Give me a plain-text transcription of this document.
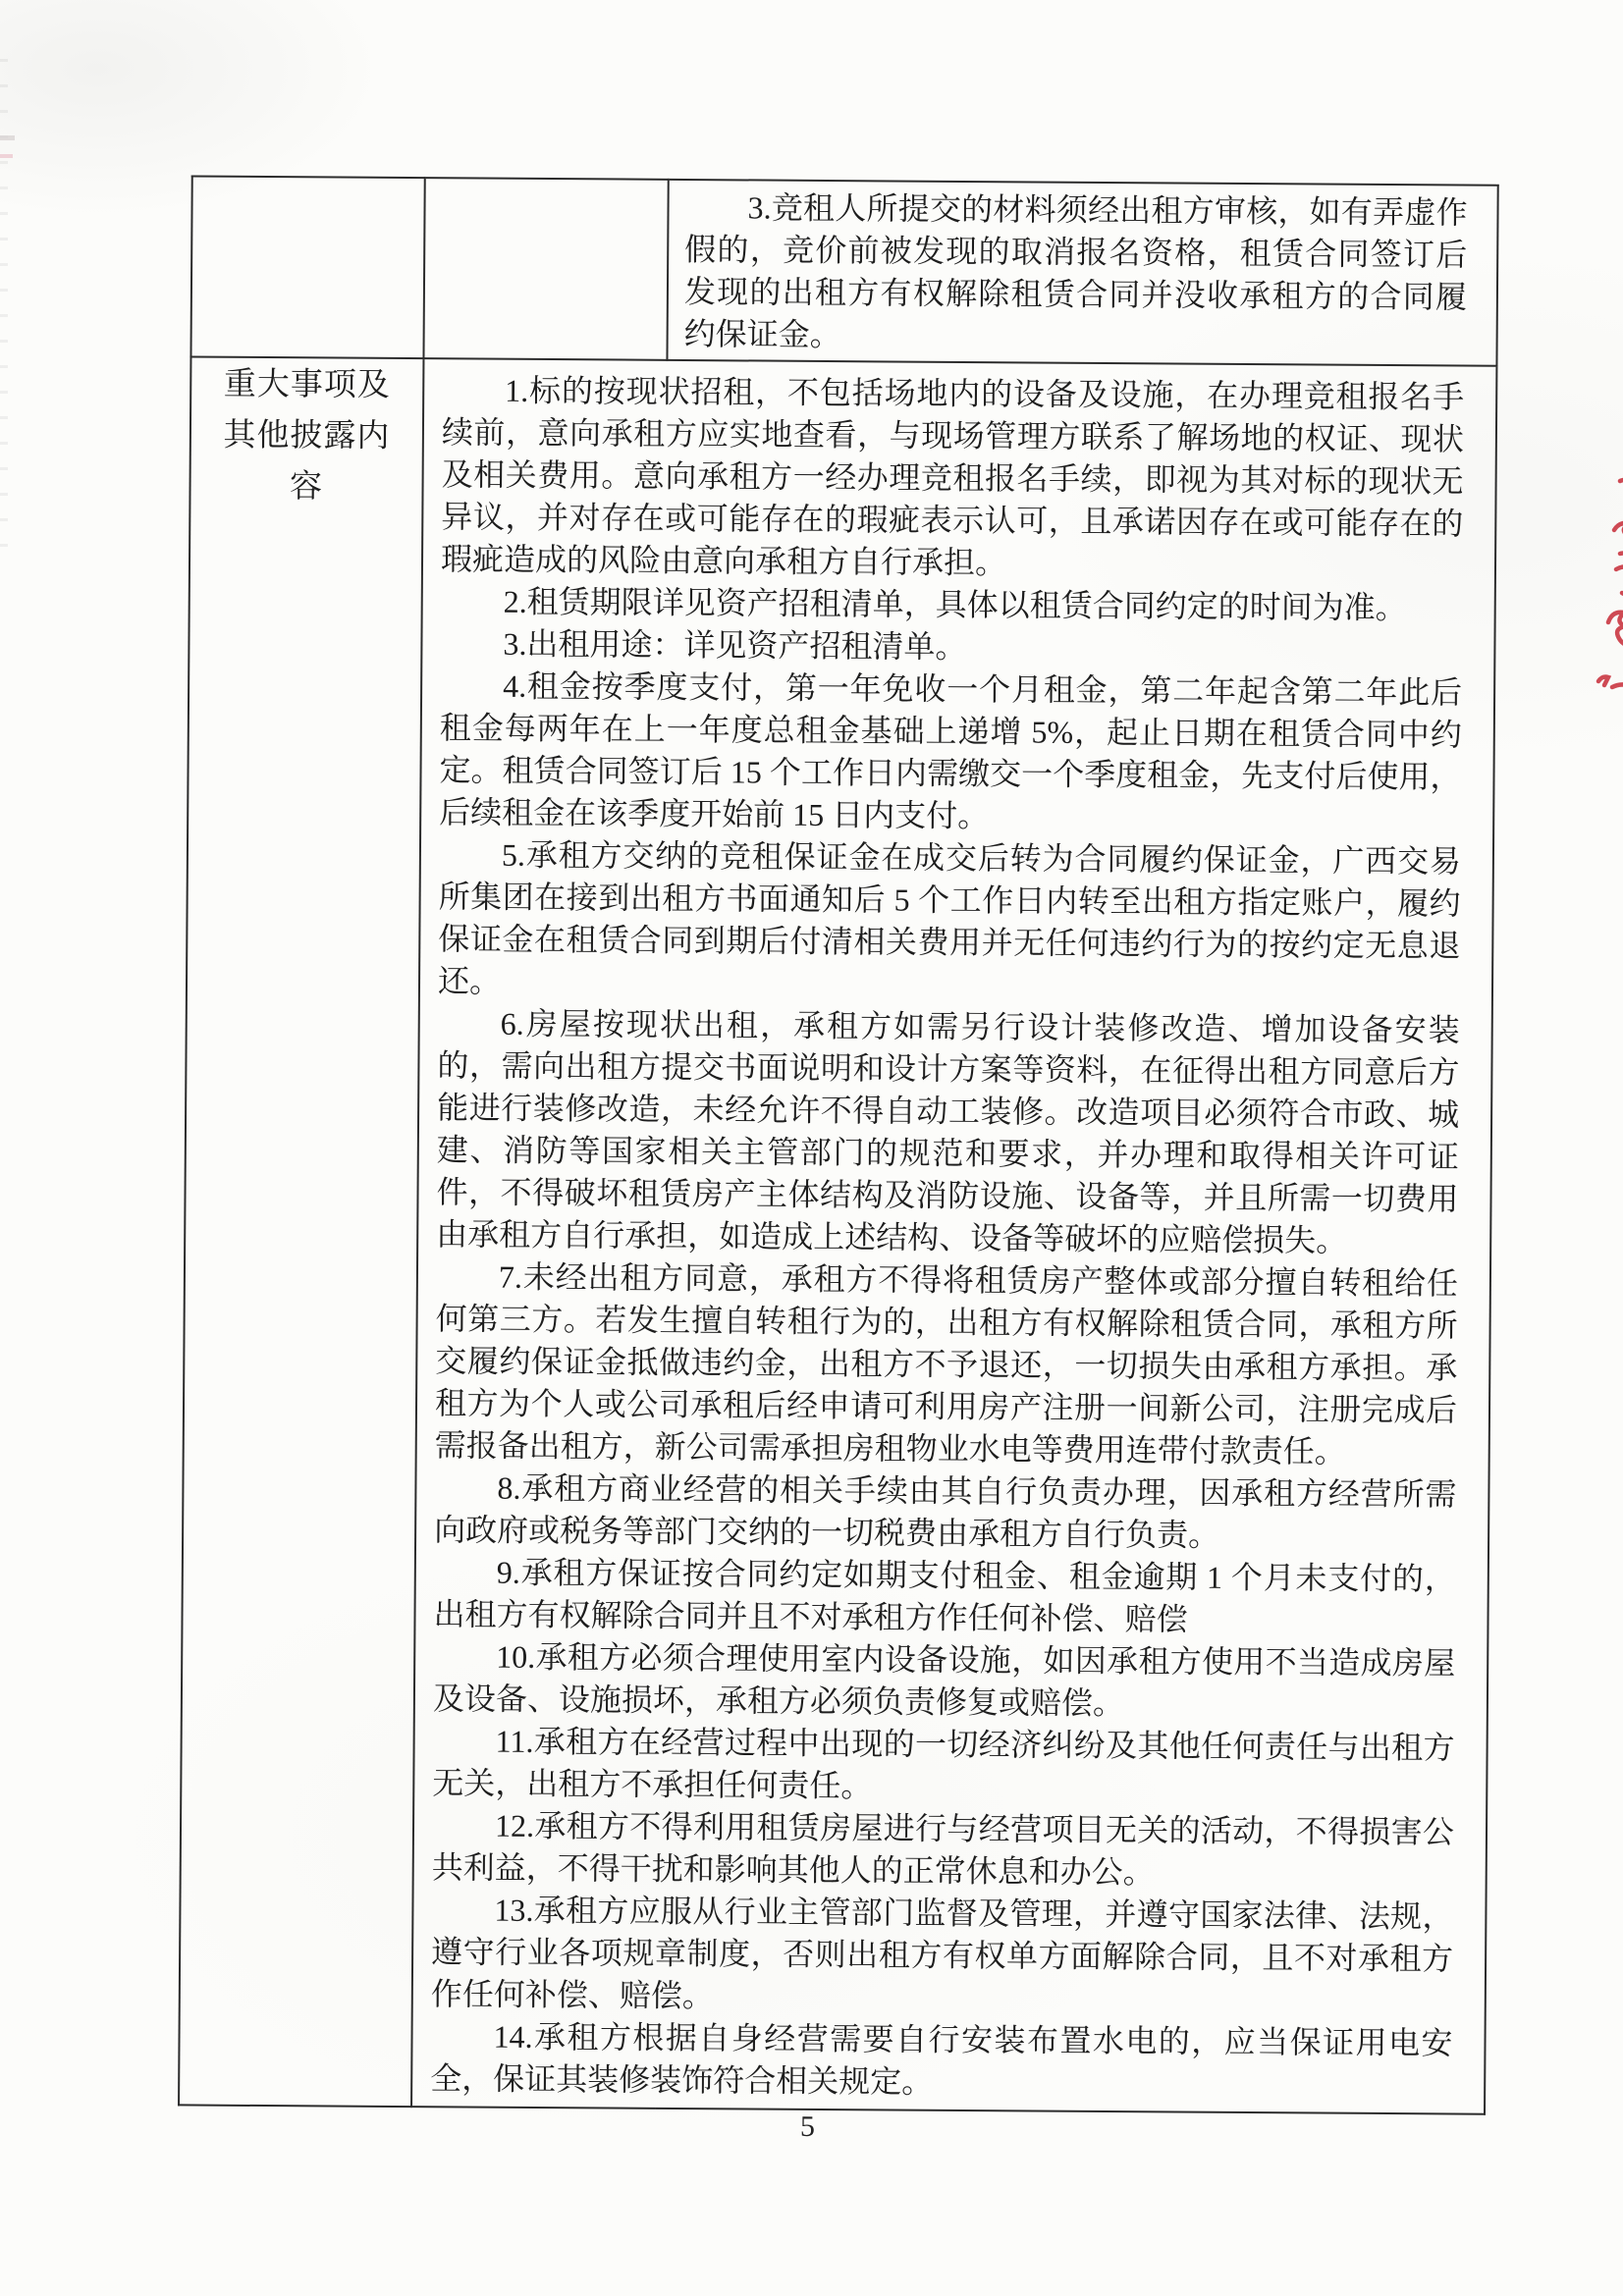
		3.竞租人所提交的材料须经出租方审核，如有弄虚作假的，竞价前被发现的取消报名资格，租赁合同签订后发现的出租方有权解除租赁合同并没收承租方的合同履约保证金。

重大事项及其他披露内容

1.标的按现状招租，不包括场地内的设备及设施，在办理竞租报名手续前，意向承租方应实地查看，与现场管理方联系了解场地的权证、现状及相关费用。意向承租方一经办理竞租报名手续，即视为其对标的现状无异议，并对存在或可能存在的瑕疵表示认可，且承诺因存在或可能存在的瑕疵造成的风险由意向承租方自行承担。

2.租赁期限详见资产招租清单，具体以租赁合同约定的时间为准。

3.出租用途：详见资产招租清单。

4.租金按季度支付，第一年免收一个月租金，第二年起含第二年此后租金每两年在上一年度总租金基础上递增 5%，起止日期在租赁合同中约定。租赁合同签订后 15 个工作日内需缴交一个季度租金，先支付后使用，后续租金在该季度开始前 15 日内支付。

5.承租方交纳的竞租保证金在成交后转为合同履约保证金，广西交易所集团在接到出租方书面通知后 5 个工作日内转至出租方指定账户，履约保证金在租赁合同到期后付清相关费用并无任何违约行为的按约定无息退还。

6.房屋按现状出租，承租方如需另行设计装修改造、增加设备安装的，需向出租方提交书面说明和设计方案等资料，在征得出租方同意后方能进行装修改造，未经允许不得自动工装修。改造项目必须符合市政、城建、消防等国家相关主管部门的规范和要求，并办理和取得相关许可证件，不得破坏租赁房产主体结构及消防设施、设备等，并且所需一切费用由承租方自行承担，如造成上述结构、设备等破坏的应赔偿损失。

7.未经出租方同意，承租方不得将租赁房产整体或部分擅自转租给任何第三方。若发生擅自转租行为的，出租方有权解除租赁合同，承租方所交履约保证金抵做违约金，出租方不予退还，一切损失由承租方承担。承租方为个人或公司承租后经申请可利用房产注册一间新公司，注册完成后需报备出租方，新公司需承担房租物业水电等费用连带付款责任。

8.承租方商业经营的相关手续由其自行负责办理，因承租方经营所需向政府或税务等部门交纳的一切税费由承租方自行负责。

9.承租方保证按合同约定如期支付租金、租金逾期 1 个月未支付的，出租方有权解除合同并且不对承租方作任何补偿、赔偿

10.承租方必须合理使用室内设备设施，如因承租方使用不当造成房屋及设备、设施损坏，承租方必须负责修复或赔偿。

11.承租方在经营过程中出现的一切经济纠纷及其他任何责任与出租方无关，出租方不承担任何责任。

12.承租方不得利用租赁房屋进行与经营项目无关的活动，不得损害公共利益，不得干扰和影响其他人的正常休息和办公。

13.承租方应服从行业主管部门监督及管理，并遵守国家法律、法规，遵守行业各项规章制度，否则出租方有权单方面解除合同，且不对承租方作任何补偿、赔偿。

14.承租方根据自身经营需要自行安装布置水电的，应当保证用电安全，保证其装修装饰符合相关规定。

5
